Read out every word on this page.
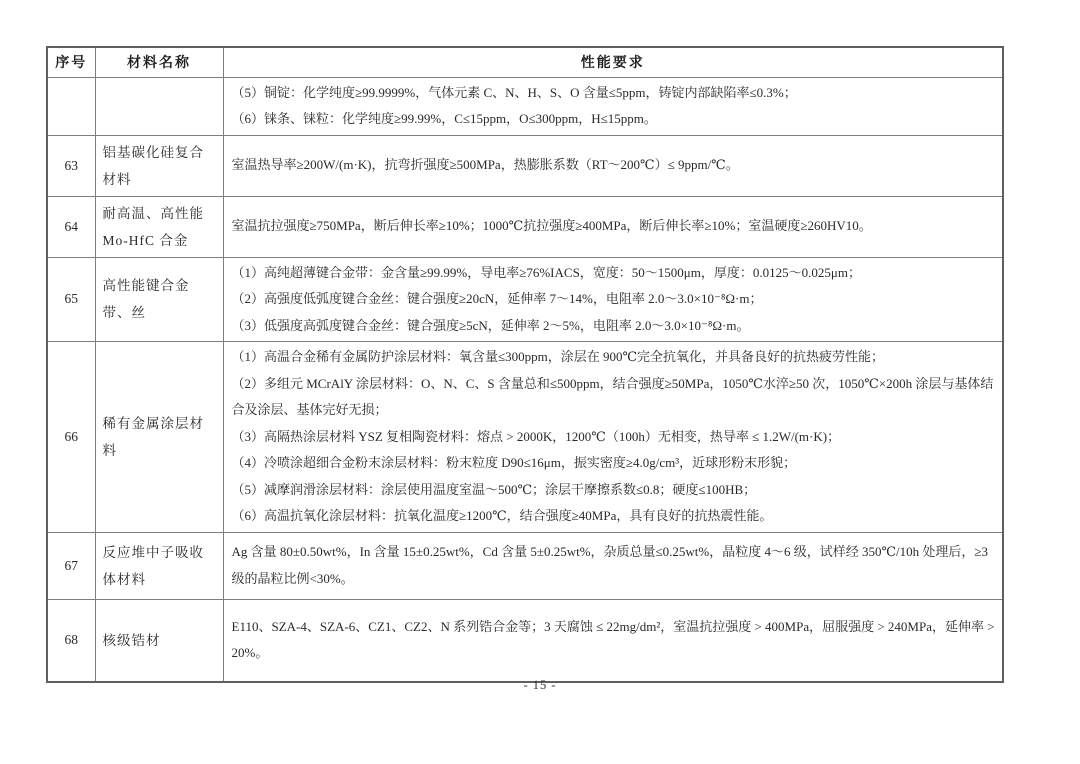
序号	材料名称	性能要求

		（5）铜锭：化学纯度≥99.9999%，气体元素 C、N、H、S、O 含量≤5ppm，铸锭内部缺陷率≤0.3%；

（6）铼条、铼粒：化学纯度≥99.99%，C≤15ppm，O≤300ppm，H≤15ppm。

63	铝基碳化硅复合材料	室温热导率≥200W/(m·K)，抗弯折强度≥500MPa，热膨胀系数（RT～200℃）≤ 9ppm/℃。

64	耐高温、高性能 Mo-HfC 合金	室温抗拉强度≥750MPa，断后伸长率≥10%；1000℃抗拉强度≥400MPa，断后伸长率≥10%；室温硬度≥260HV10。

65	高性能键合金带、丝	（1）高纯超薄键合金带：金含量≥99.99%，导电率≥76%IACS，宽度：50～1500μm，厚度：0.0125～0.025μm；

（2）高强度低弧度键合金丝：键合强度≥20cN，延伸率 7～14%，电阻率 2.0～3.0×10⁻⁸Ω·m；

（3）低强度高弧度键合金丝：键合强度≥5cN，延伸率 2～5%，电阻率 2.0～3.0×10⁻⁸Ω·m。

66	稀有金属涂层材料	

（1）高温合金稀有金属防护涂层材料：氧含量≤300ppm，涂层在 900℃完全抗氧化，并具备良好的抗热疲劳性能；

（2）多组元 MCrAlY 涂层材料：O、N、C、S 含量总和≤500ppm，结合强度≥50MPa，1050℃水淬≥50 次，1050℃×200h 涂层与基体结合及涂层、基体完好无损；

（3）高隔热涂层材料 YSZ 复相陶瓷材料：熔点 > 2000K，1200℃（100h）无相变，热导率 ≤ 1.2W/(m·K)；

（4）冷喷涂超细合金粉末涂层材料：粉末粒度 D90≤16μm，振实密度≥4.0g/cm³，近球形粉末形貌；

（5）减摩润滑涂层材料：涂层使用温度室温～500℃；涂层干摩擦系数≤0.8；硬度≤100HB；

（6）高温抗氧化涂层材料：抗氧化温度≥1200℃，结合强度≥40MPa，具有良好的抗热震性能。

67	反应堆中子吸收体材料	Ag 含量 80±0.50wt%，In 含量 15±0.25wt%，Cd 含量 5±0.25wt%，杂质总量≤0.25wt%，晶粒度 4～6 级，试样经 350℃/10h 处理后，≥3 级的晶粒比例<30%。

68	核级锆材	E110、SZA-4、SZA-6、CZ1、CZ2、N 系列锆合金等；3 天腐蚀 ≤ 22mg/dm²，室温抗拉强度 > 400MPa，屈服强度 > 240MPa，延伸率 > 20%。

- 15 -
